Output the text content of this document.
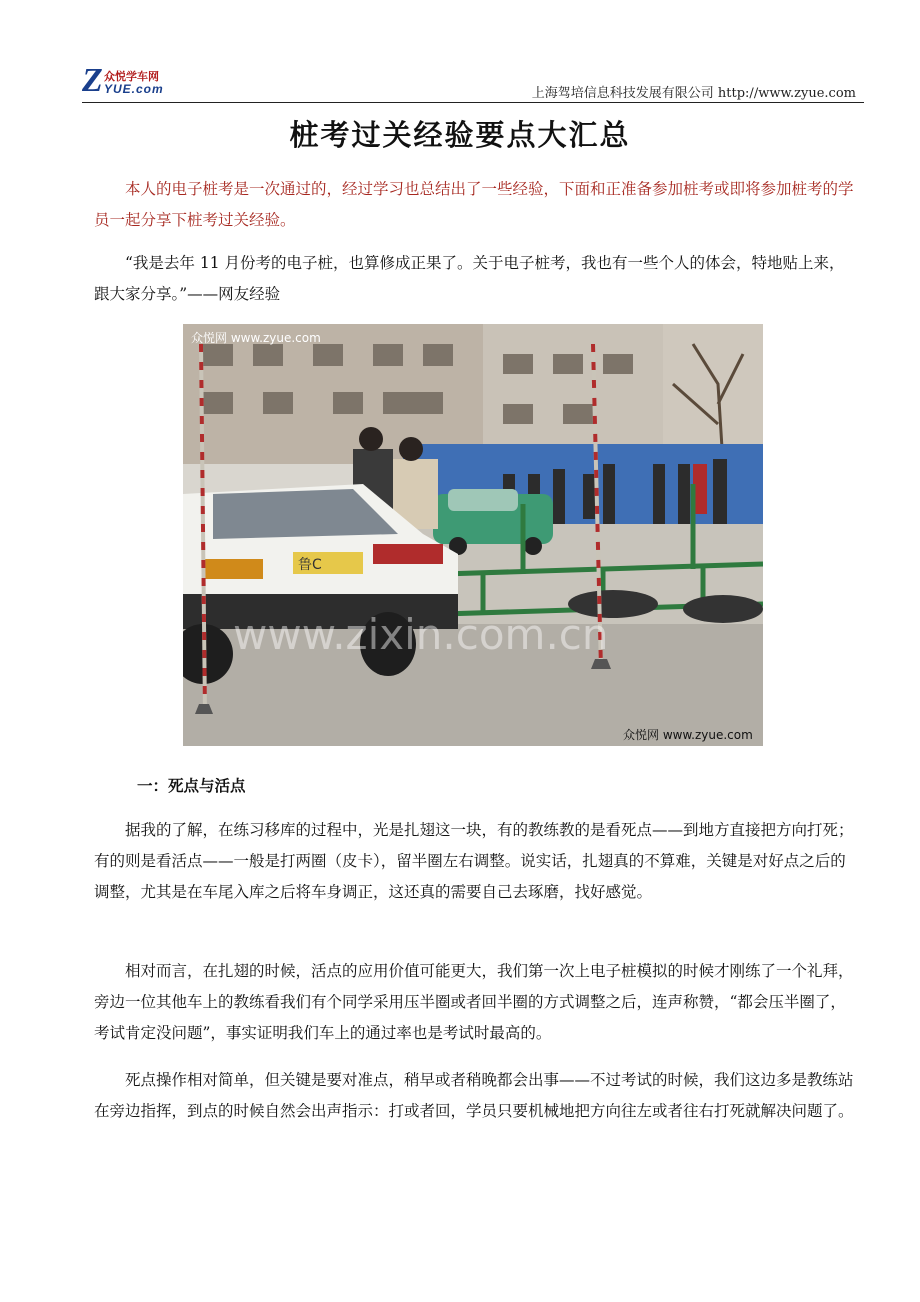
Z 众悦学车网
YUE.com	上海驾培信息科技发展有限公司 http://www.zyue.com
桩考过关经验要点大汇总

本人的电子桩考是一次通过的，经过学习也总结出了一些经验，下面和正准备参加桩考或即将参加桩考的学员一起分享下桩考过关经验。

“我是去年 11 月份考的电子桩，也算修成正果了。关于电子桩考，我也有一些个人的体会，特地贴上来，跟大家分享。”——网友经验

鲁C
众悦网 www.zyue.com
www.zixin.com.cn
众悦网 www.zyue.com
一：死点与活点

据我的了解，在练习移库的过程中，光是扎翅这一块，有的教练教的是看死点——到地方直接把方向打死；有的则是看活点——一般是打两圈（皮卡），留半圈左右调整。说实话，扎翅真的不算难，关键是对好点之后的调整，尤其是在车尾入库之后将车身调正，这还真的需要自己去琢磨，找好感觉。

相对而言，在扎翅的时候，活点的应用价值可能更大，我们第一次上电子桩模拟的时候才刚练了一个礼拜，旁边一位其他车上的教练看我们有个同学采用压半圈或者回半圈的方式调整之后，连声称赞，“都会压半圈了，考试肯定没问题”，事实证明我们车上的通过率也是考试时最高的。

死点操作相对简单，但关键是要对准点，稍早或者稍晚都会出事——不过考试的时候，我们这边多是教练站在旁边指挥，到点的时候自然会出声指示：打或者回，学员只要机械地把方向往左或者往右打死就解决问题了。
